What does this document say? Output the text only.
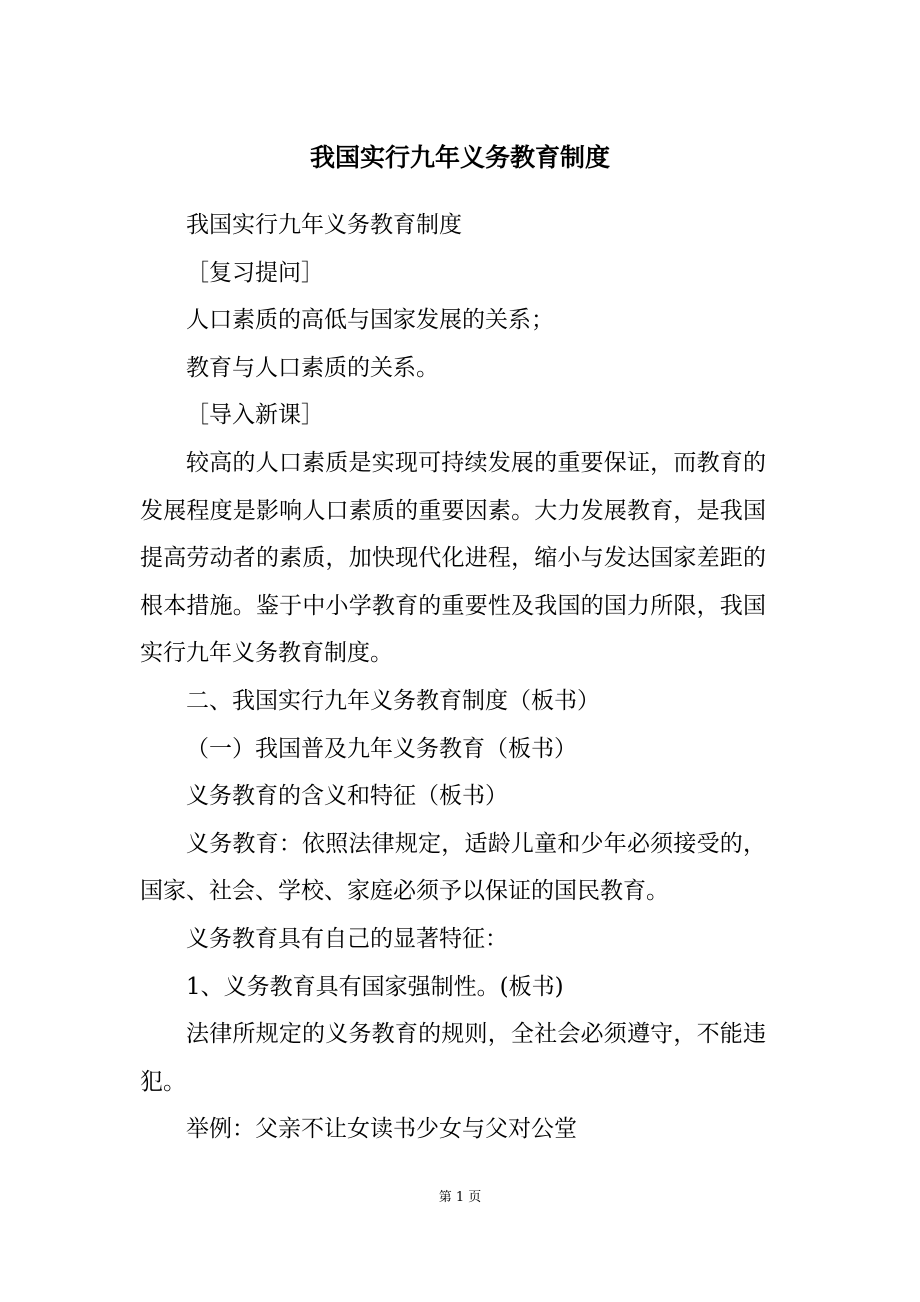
我国实行九年义务教育制度

我国实行九年义务教育制度

［复习提问］

人口素质的高低与国家发展的关系；

教育与人口素质的关系。

［导入新课］

较高的人口素质是实现可持续发展的重要保证，而教育的发展程度是影响人口素质的重要因素。大力发展教育，是我国提高劳动者的素质，加快现代化进程，缩小与发达国家差距的根本措施。鉴于中小学教育的重要性及我国的国力所限，我国实行九年义务教育制度。

二、我国实行九年义务教育制度（板书）

（一）我国普及九年义务教育（板书）

义务教育的含义和特征（板书）

义务教育：依照法律规定，适龄儿童和少年必须接受的，国家、社会、学校、家庭必须予以保证的国民教育。

义务教育具有自己的显著特征：

1、义务教育具有国家强制性。(板书)

法律所规定的义务教育的规则，全社会必须遵守，不能违犯。

举例：父亲不让女读书少女与父对公堂

第 1 页
